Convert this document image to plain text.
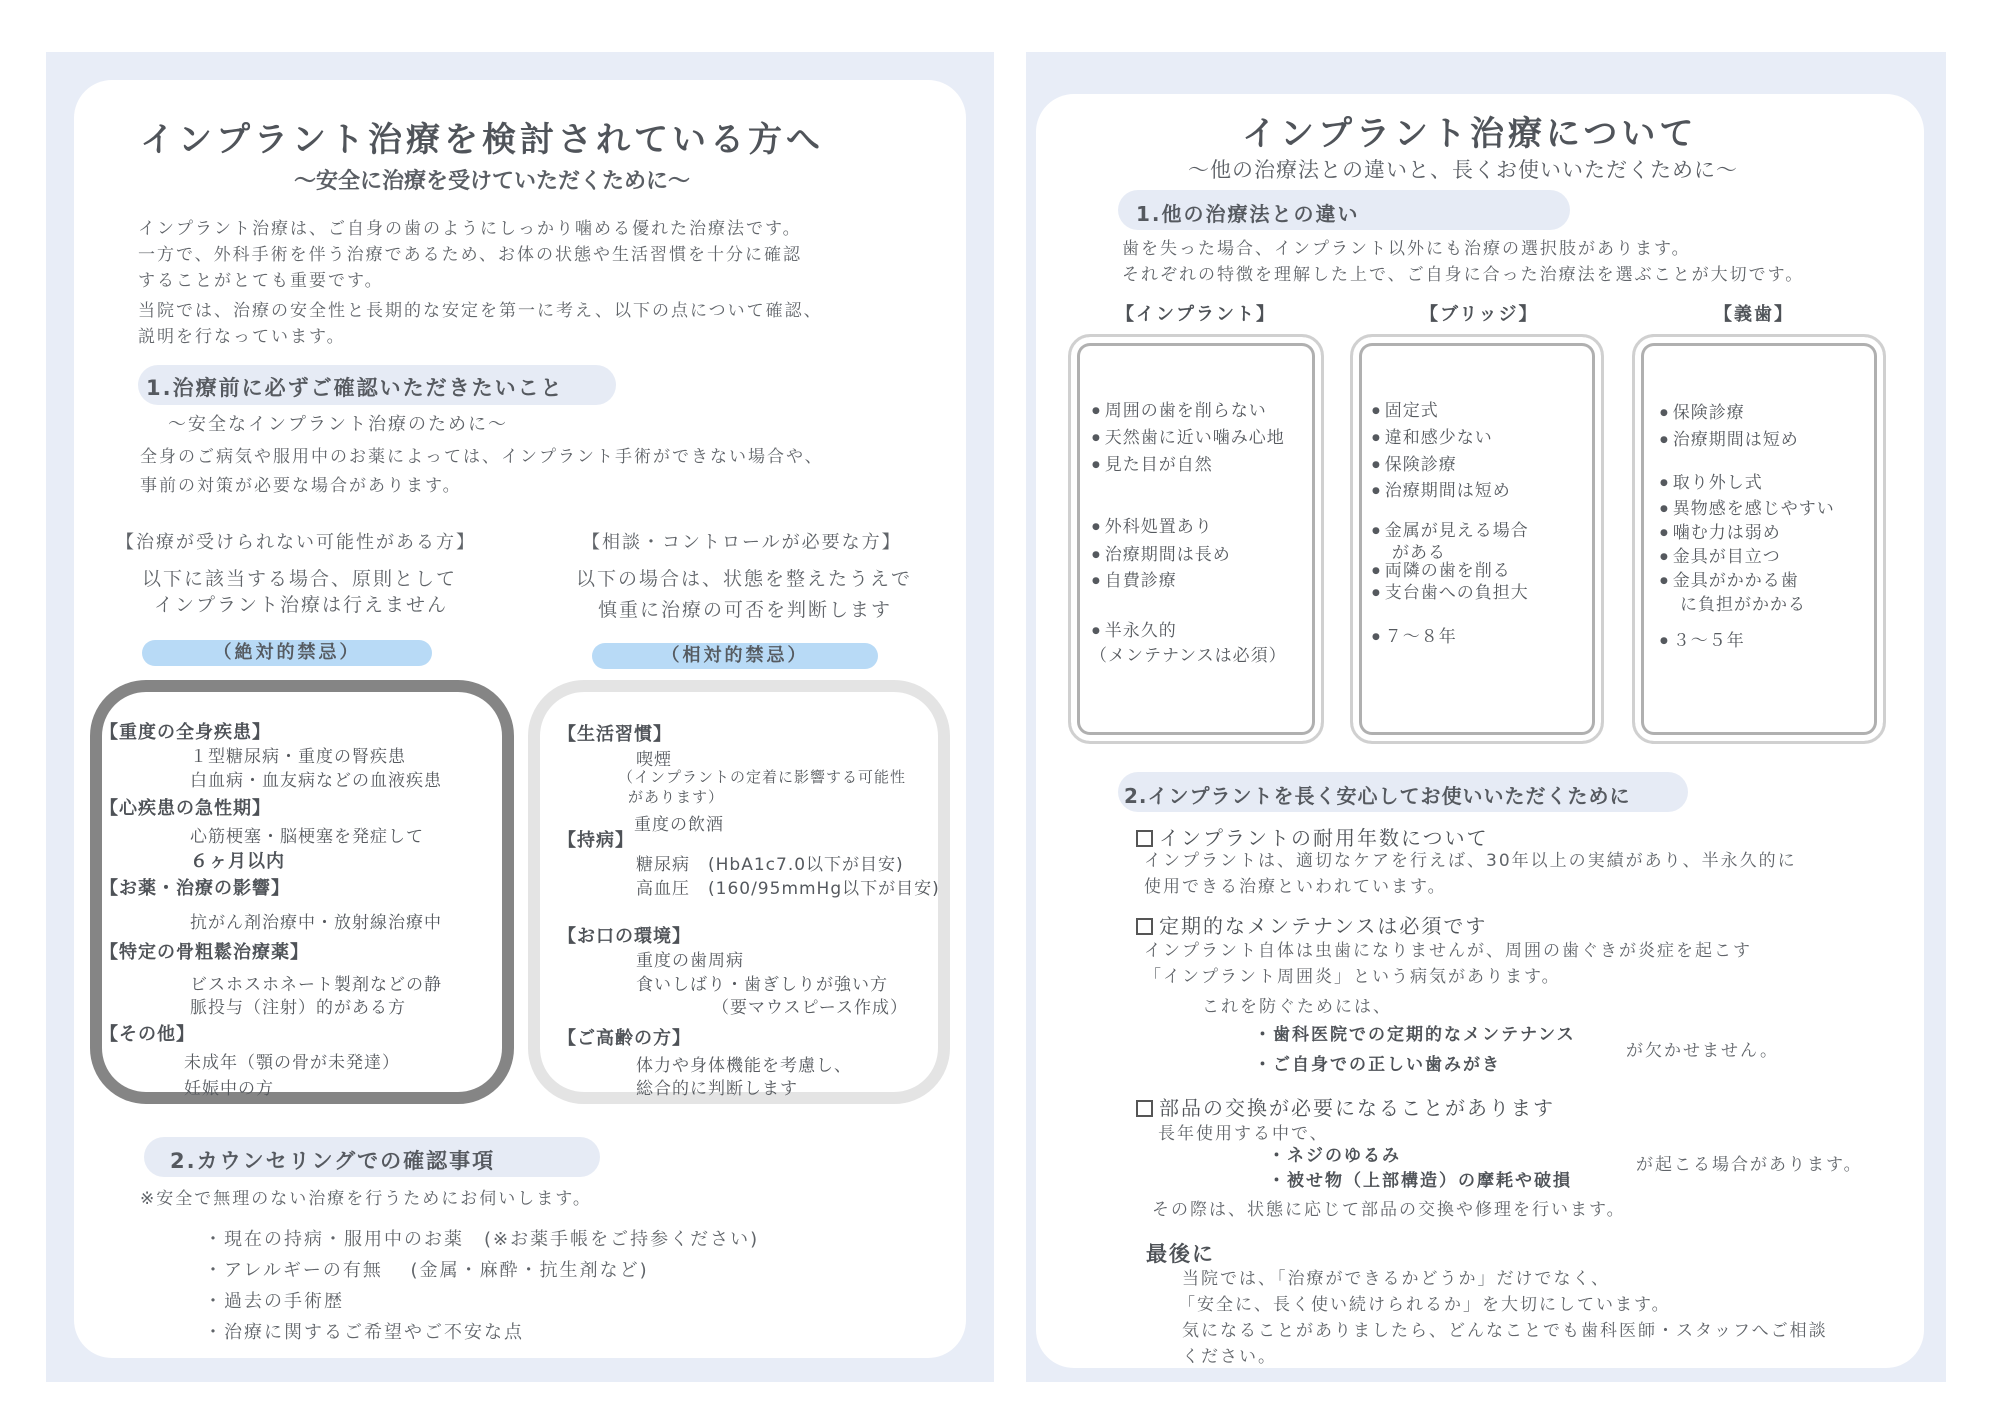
インプラント治療を検討されている方へ
〜安全に治療を受けていただくために〜
インプラント治療は、ご自身の歯のようにしっかり噛める優れた治療法です。
一方で、外科手術を伴う治療であるため、お体の状態や生活習慣を十分に確認
することがとても重要です。
当院では、治療の安全性と長期的な安定を第一に考え、以下の点について確認、
説明を行なっています。
1.治療前に必ずご確認いただきたいこと
〜安全なインプラント治療のために〜
全身のご病気や服用中のお薬によっては、インプラント手術ができない場合や、
事前の対策が必要な場合があります。
【治療が受けられない可能性がある方】
以下に該当する場合、原則として
インプラント治療は行えません
（絶対的禁忌）
【重度の全身疾患】
１型糖尿病・重度の腎疾患
白血病・血友病などの血液疾患
【心疾患の急性期】
心筋梗塞・脳梗塞を発症して
６ヶ月以内
【お薬・治療の影響】
抗がん剤治療中・放射線治療中
【特定の骨粗鬆治療薬】
ビスホスホネート製剤などの静
脈投与（注射）的がある方
【その他】
未成年（顎の骨が未発達）
妊娠中の方
【相談・コントロールが必要な方】
以下の場合は、状態を整えたうえで
慎重に治療の可否を判断します
（相対的禁忌）
【生活習慣】
喫煙
（インプラントの定着に影響する可能性
があります）
重度の飲酒
【持病】
糖尿病　(HbA1c7.0以下が目安)
高血圧　(160/95mmHg以下が目安)
【お口の環境】
重度の歯周病
食いしばり・歯ぎしりが強い方
（要マウスピース作成）
【ご高齢の方】
体力や身体機能を考慮し、
総合的に判断します
2.カウンセリングでの確認事項
※安全で無理のない治療を行うためにお伺いします。
・現在の持病・服用中のお薬　(※お薬手帳をご持参ください)
・アレルギーの有無　 (金属・麻酔・抗生剤など)
・過去の手術歴
・治療に関するご希望やご不安な点
インプラント治療について
〜他の治療法との違いと、長くお使いいただくために〜
1.他の治療法との違い
歯を失った場合、インプラント以外にも治療の選択肢があります。
それぞれの特徴を理解した上で、ご自身に合った治療法を選ぶことが大切です。
【インプラント】	【ブリッジ】	【義歯】
● 周囲の歯を削らない
● 天然歯に近い噛み心地
● 見た目が自然
● 外科処置あり
● 治療期間は長め
● 自費診療
● 半永久的
（メンテナンスは必須）
● 固定式
● 違和感少ない
● 保険診療
● 治療期間は短め
● 金属が見える場合
がある
● 両隣の歯を削る
● 支台歯への負担大
● ７〜８年
● 保険診療
● 治療期間は短め
● 取り外し式
● 異物感を感じやすい
● 噛む力は弱め
● 金具が目立つ
● 金具がかかる歯
に負担がかかる
● ３〜５年
2.インプラントを長く安心してお使いいただくために
インプラントの耐用年数について
インプラントは、適切なケアを行えば、30年以上の実績があり、半永久的に
使用できる治療といわれています。
定期的なメンテナンスは必須です
インプラント自体は虫歯になりませんが、周囲の歯ぐきが炎症を起こす
「インプラント周囲炎」という病気があります。
これを防ぐためには、
・歯科医院での定期的なメンテナンス
・ご自身での正しい歯みがき
が欠かせません。
部品の交換が必要になることがあります
長年使用する中で、
・ネジのゆるみ
・被せ物（上部構造）の摩耗や破損
が起こる場合があります。
その際は、状態に応じて部品の交換や修理を行います。
最後に
当院では、「治療ができるかどうか」だけでなく、
「安全に、長く使い続けられるか」を大切にしています。
気になることがありましたら、どんなことでも歯科医師・スタッフへご相談
ください。
